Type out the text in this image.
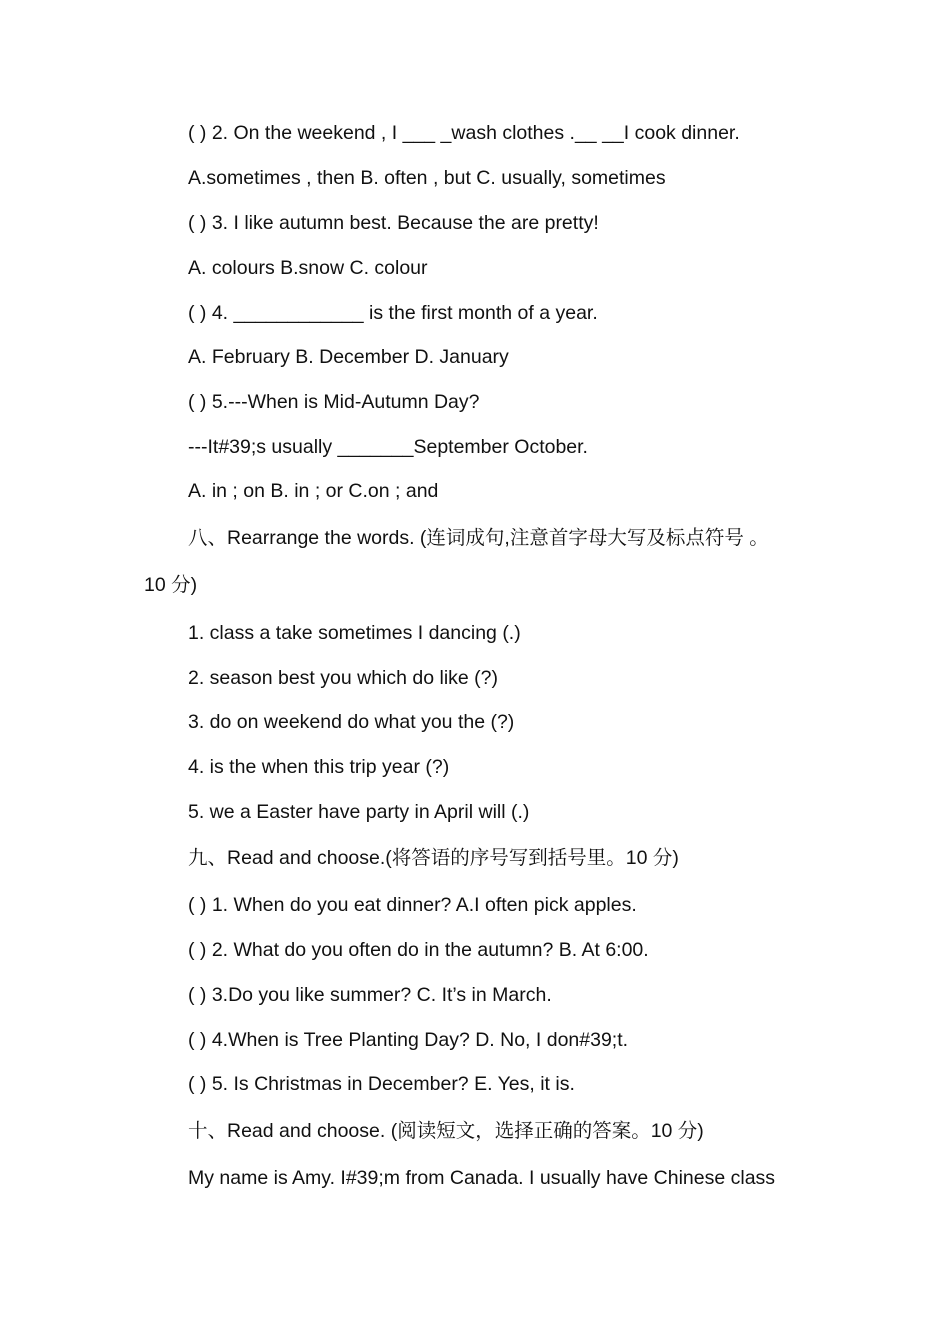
( ) 2. On the weekend , I ___ _wash clothes .__ __I cook dinner.
A.sometimes , then B. often , but C. usually, sometimes
( ) 3. I like autumn best. Because the are pretty!
A. colours B.snow C. colour
( ) 4. ____________ is the first month of a year.
A. February B. December D. January
( ) 5.---When is Mid-Autumn Day?
---It#39;s usually _______September October.
A. in ; on B. in ; or C.on ; and
八、Rearrange the words. (连词成句,注意首字母大写及标点符号 。
10 分)
1. class a take sometimes I dancing (.)
2. season best you which do like (?)
3. do on weekend do what you the (?)
4. is the when this trip year (?)
5. we a Easter have party in April will (.)
九、Read and choose.(将答语的序号写到括号里。10 分)
( ) 1. When do you eat dinner? A.I often pick apples.
( ) 2. What do you often do in the autumn? B. At 6:00.
( ) 3.Do you like summer? C. It’s in March.
( ) 4.When is Tree Planting Day? D. No, I don#39;t.
( ) 5. Is Christmas in December? E. Yes, it is.
十、Read and choose. (阅读短文，选择正确的答案。10 分)
My name is Amy. I#39;m from Canada. I usually have Chinese class
